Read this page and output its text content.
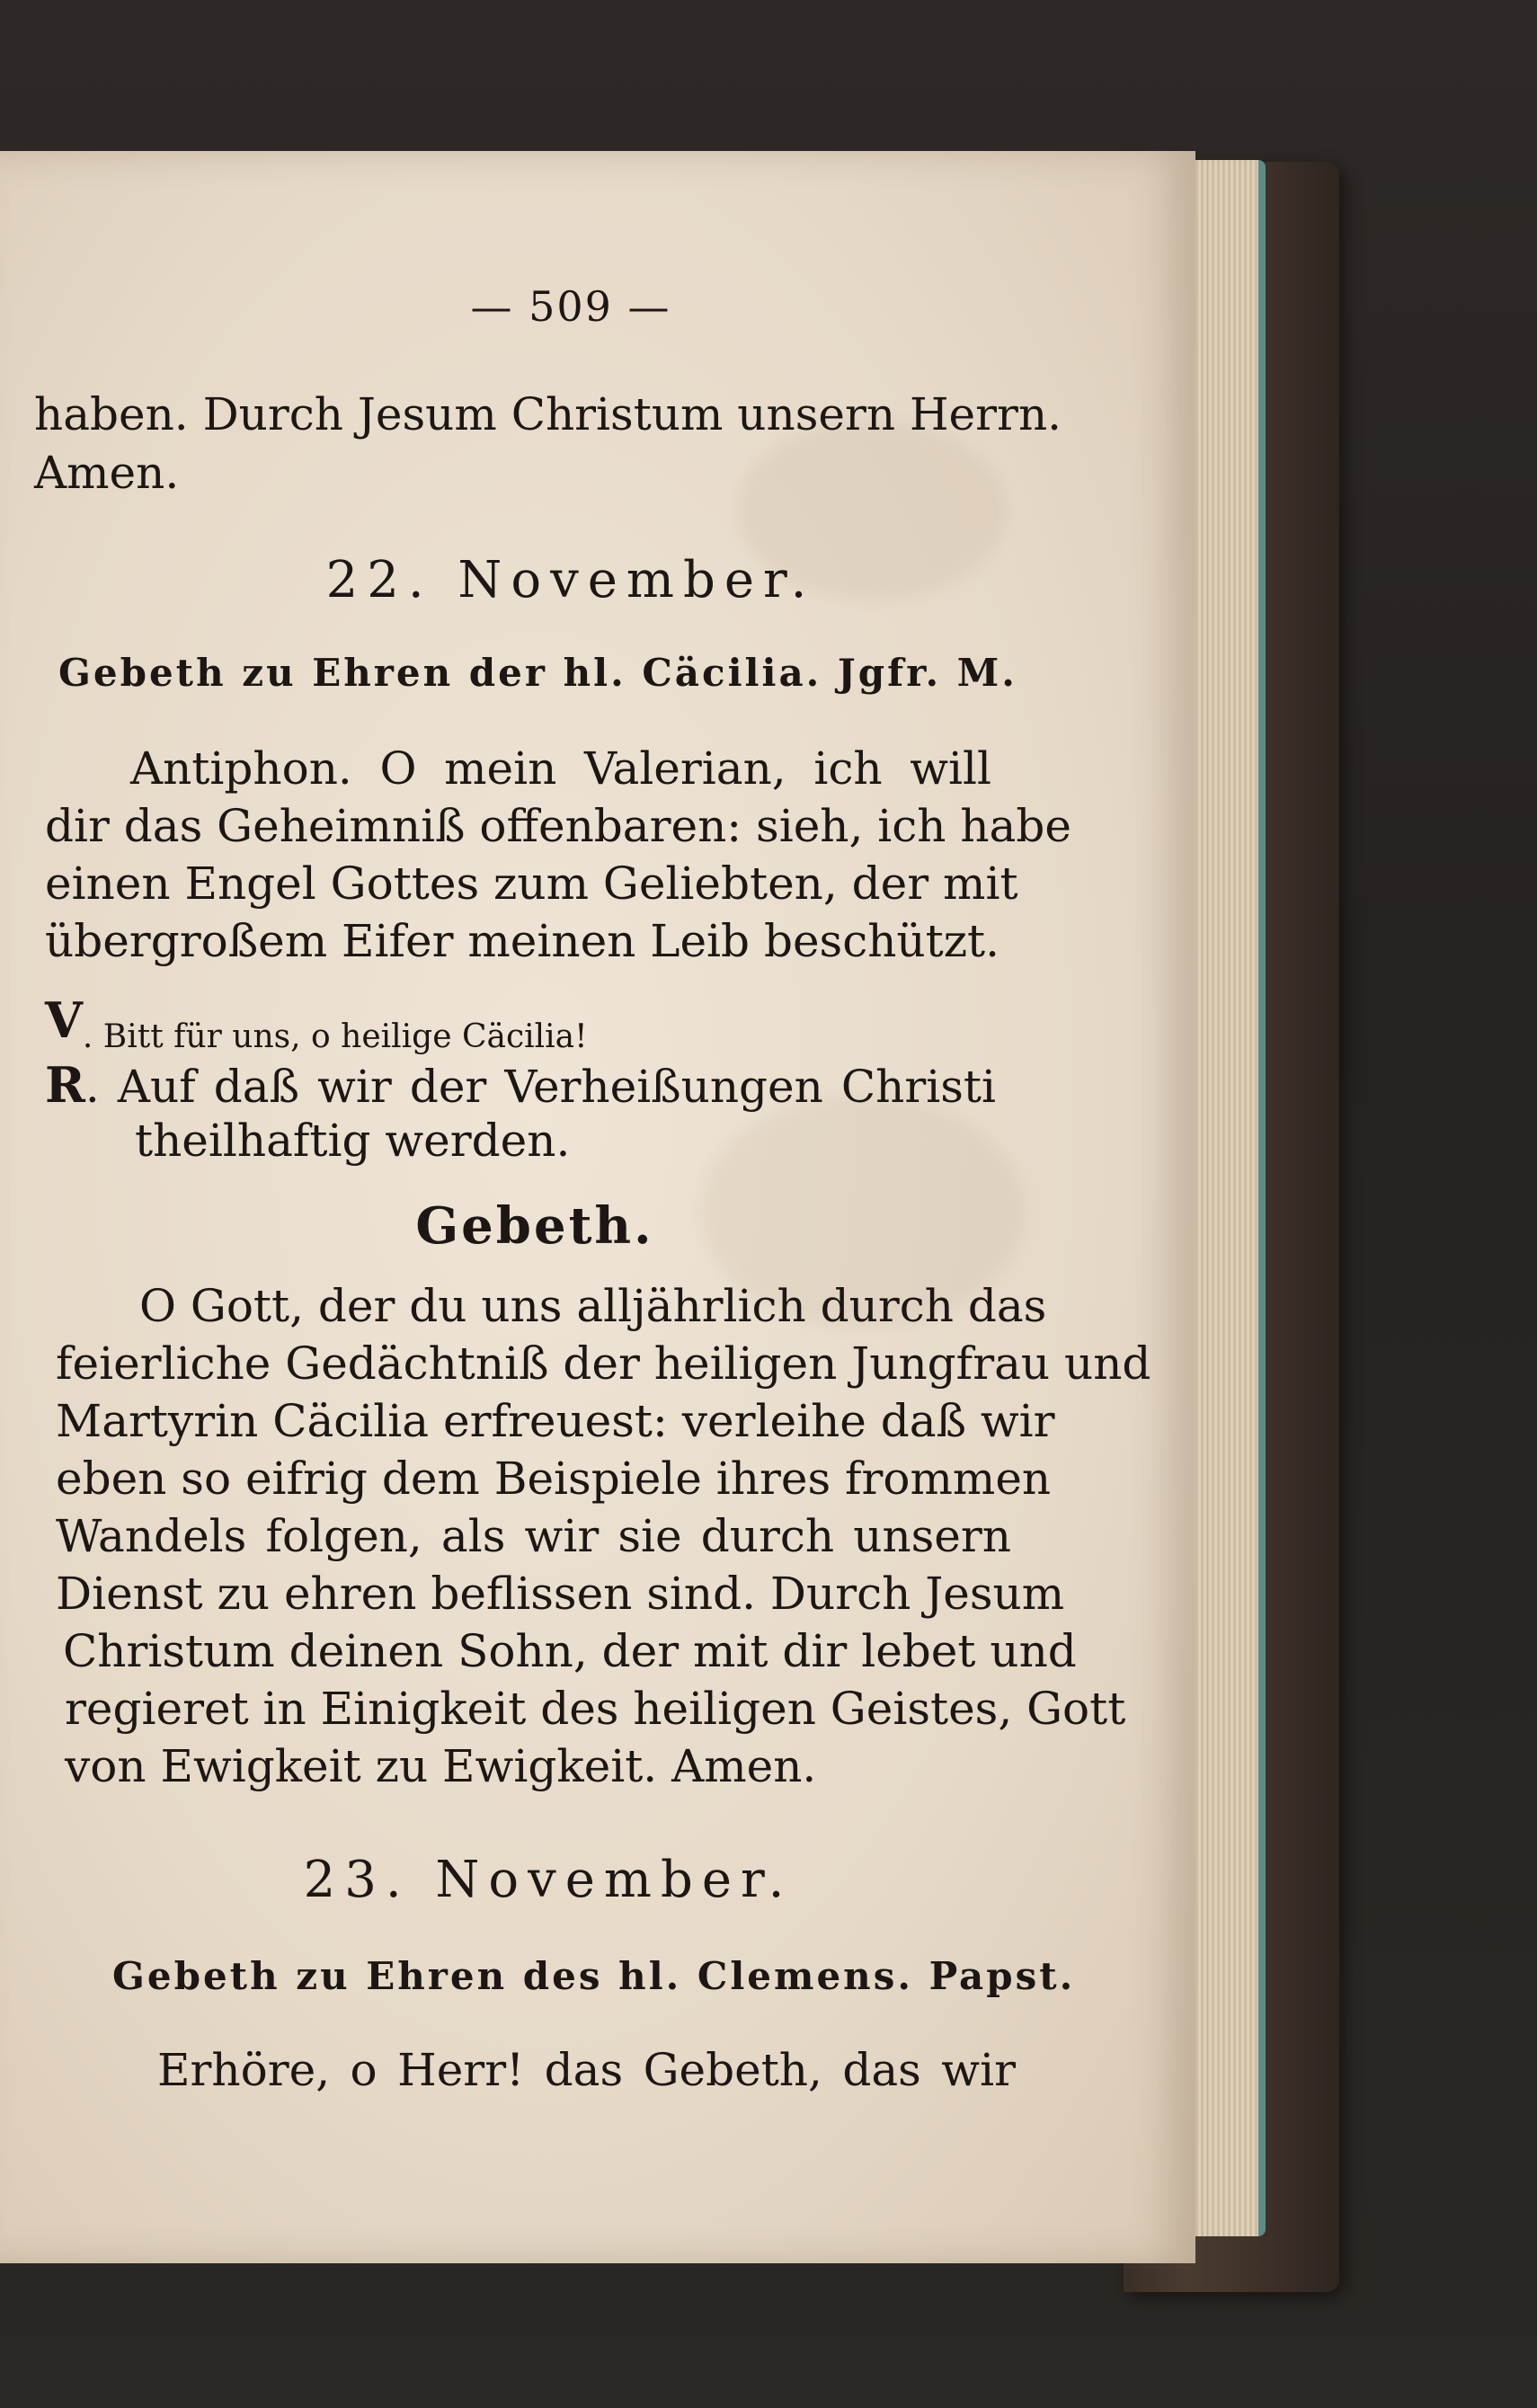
— 509 —
haben. Durch Jesum Christum unsern Herrn.
Amen.
22. November.
Gebeth zu Ehren der hl. Cäcilia. Jgfr. M.
Antiphon. O mein Valerian, ich will
dir das Geheimniß offenbaren: sieh, ich habe
einen Engel Gottes zum Geliebten, der mit
übergroßem Eifer meinen Leib beschützt.
$V_{. Bitt für uns, o heilige Cäcilia!}$
R. Auf daß wir der Verheißungen Christi
theilhaftig werden.
Gebeth.
O Gott, der du uns alljährlich durch das
feierliche Gedächtniß der heiligen Jungfrau und
Martyrin Cäcilia erfreuest: verleihe daß wir
eben so eifrig dem Beispiele ihres frommen
Wandels folgen, als wir sie durch unsern
Dienst zu ehren beflissen sind. Durch Jesum
Christum deinen Sohn, der mit dir lebet und
regieret in Einigkeit des heiligen Geistes, Gott
von Ewigkeit zu Ewigkeit. Amen.
23. November.
Gebeth zu Ehren des hl. Clemens. Papst.
Erhöre, o Herr! das Gebeth, das wir
